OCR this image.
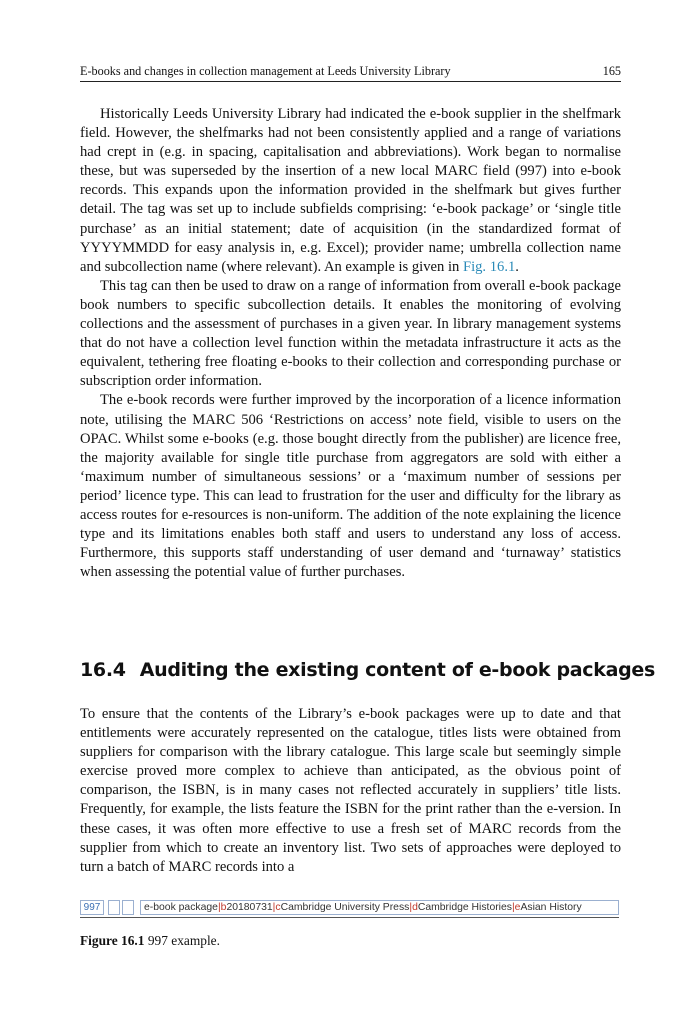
E-books and changes in collection management at Leeds University Library	165

Historically Leeds University Library had indicated the e-book supplier in the shelfmark field. However, the shelfmarks had not been consistently applied and a range of variations had crept in (e.g. in spacing, capitalisation and abbreviations). Work began to normalise these, but was superseded by the insertion of a new local MARC field (997) into e-book records. This expands upon the information provided in the shelfmark but gives further detail. The tag was set up to include subfields comprising: ‘e-book package’ or ‘single title purchase’ as an initial statement; date of acquisition (in the standardized format of YYYYMMDD for easy analysis in, e.g. Excel); provider name; umbrella collection name and subcollection name (where relevant). An example is given in Fig. 16.1.

This tag can then be used to draw on a range of information from overall e-book package book numbers to specific subcollection details. It enables the monitoring of evolving collections and the assessment of purchases in a given year. In library management systems that do not have a collection level function within the metadata infrastructure it acts as the equivalent, tethering free floating e-books to their collection and corresponding purchase or subscription order information.

The e-book records were further improved by the incorporation of a licence information note, utilising the MARC 506 ‘Restrictions on access’ note field, visible to users on the OPAC. Whilst some e-books (e.g. those bought directly from the publisher) are licence free, the majority available for single title purchase from aggregators are sold with either a ‘maximum number of simultaneous sessions’ or a ‘maximum number of sessions per period’ licence type. This can lead to frustration for the user and difficulty for the library as access routes for e-resources is non-uniform. The addition of the note explaining the licence type and its limitations enables both staff and users to understand any loss of access. Furthermore, this supports staff understanding of user demand and ‘turnaway’ statistics when assessing the potential value of further purchases.

16.4 Auditing the existing content of e-book packages

To ensure that the contents of the Library’s e-book packages were up to date and that entitlements were accurately represented on the catalogue, titles lists were obtained from suppliers for comparison with the library catalogue. This large scale but seemingly simple exercise proved more complex to achieve than anticipated, as the obvious point of comparison, the ISBN, is in many cases not reflected accurately in suppliers’ title lists. Frequently, for example, the lists feature the ISBN for the print rather than the e-version. In these cases, it was often more effective to use a fresh set of MARC records from the supplier from which to create an inventory list. Two sets of approaches were deployed to turn a batch of MARC records into a

997	e-book package | b 20180731 | c Cambridge University Press | d Cambridge Histories | e Asian History
Figure 16.1 997 example.
